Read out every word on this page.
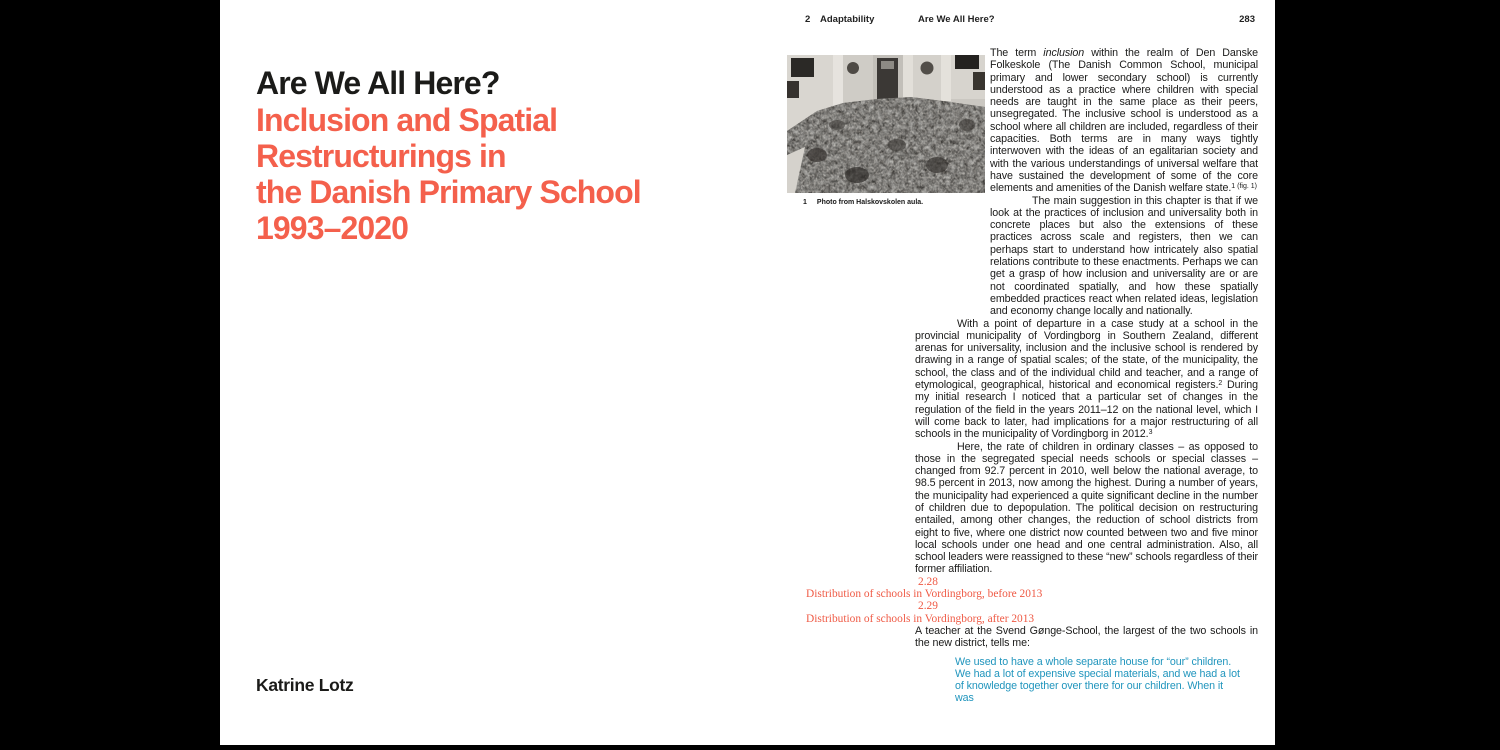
Are We All Here?
Inclusion and Spatial
Restructurings in
the Danish Primary School
1993–2020
Katrine Lotz
2 Adaptability	Are We All Here?	283
1 Photo from Halskovskolen aula.

The term inclusion within the realm of Den Danske Folkeskole (The Danish Common School, municipal primary and lower secondary school) is currently understood as a practice where children with special needs are taught in the same place as their peers, unsegregated. The inclusive school is understood as a school where all children are included, regardless of their capacities. Both terms are in many ways tightly interwoven with the ideas of an egalitarian society and with the various understandings of universal welfare that have sustained the development of some of the core elements and amenities of the Danish welfare state.$^{1 (fig. 1)}$

The main suggestion in this chapter is that if we look at the practices of inclusion and universality both in concrete places but also the extensions of these practices across scale and registers, then we can perhaps start to understand how intricately also spatial relations contribute to these enactments. Perhaps we can get a grasp of how inclusion and universality are or are not coordinated spatially, and how these spatially embedded practices react when related ideas, legislation and economy change locally and nationally.

With a point of departure in a case study at a school in the provincial municipality of Vordingborg in Southern Zealand, different arenas for universality, inclusion and the inclusive school is rendered by drawing in a range of spatial scales; of the state, of the municipality, the school, the class and of the individual child and teacher, and a range of etymological, geographical, historical and economical registers.$^2$ During my initial research I noticed that a particular set of changes in the regulation of the field in the years 2011–12 on the national level, which I will come back to later, had implications for a major restructuring of all schools in the municipality of Vordingborg in 2012.$^3$

Here, the rate of children in ordinary classes – as opposed to those in the segregated special needs schools or special classes – changed from 92.7 percent in 2010, well below the national average, to 98.5 percent in 2013, now among the highest. During a number of years, the municipality had experienced a quite significant decline in the number of children due to depopulation. The political decision on restructuring entailed, among other changes, the reduction of school districts from eight to five, where one district now counted between two and five minor local schools under one head and one central administration. Also, all school leaders were reassigned to these “new” schools regardless of their former affiliation.

2.28
Distribution of schools in Vordingborg, before 2013
2.29
Distribution of schools in Vordingborg, after 2013

A teacher at the Svend Gønge-School, the largest of the two schools in the new district, tells me:

We used to have a whole separate house for “our” children. We had a lot of expensive special materials, and we had a lot of knowledge together over there for our children. When it was
